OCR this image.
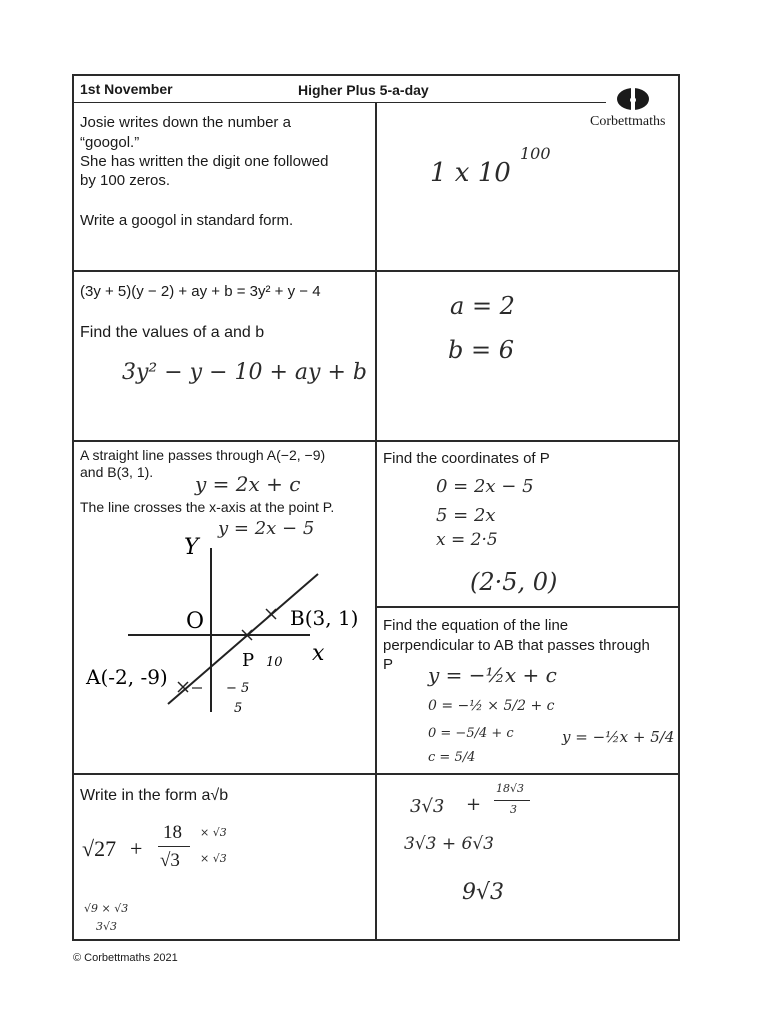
1st November	Higher Plus 5-a-day
Corbettmaths
Josie writes down the number a
“googol.”
She has written the digit one followed
by 100 zeros.
Write a googol in standard form.
1 x 10
100
(3y + 5)(y − 2) + ay + b = 3y² + y − 4
Find the values of a and b
3y² − y − 10 + ay + b
a = 2
b = 6
A straight line passes through A(−2, −9)
and B(3, 1). y = 2x + c
The line crosses the x-axis at the point P.
y = 2x − 5
Y
O	B(3, 1)
x
P 10
A(-2, -9)	− 5
5
Find the coordinates of P
0 = 2x − 5
5 = 2x
x = 2·5
(2·5, 0)
Find the equation of the line
perpendicular to AB that passes through
P y = −½x + c
0 = −½ × 5/2 + c
0 = −5/4 + c
c = 5/4
y = −½x + 5/4
Write in the form a√b
√27 +
18
√3
× √3
× √3
√9 × √3
3√3
3√3 +
18√3
3
3√3 + 6√3
9√3
© Corbettmaths 2021
